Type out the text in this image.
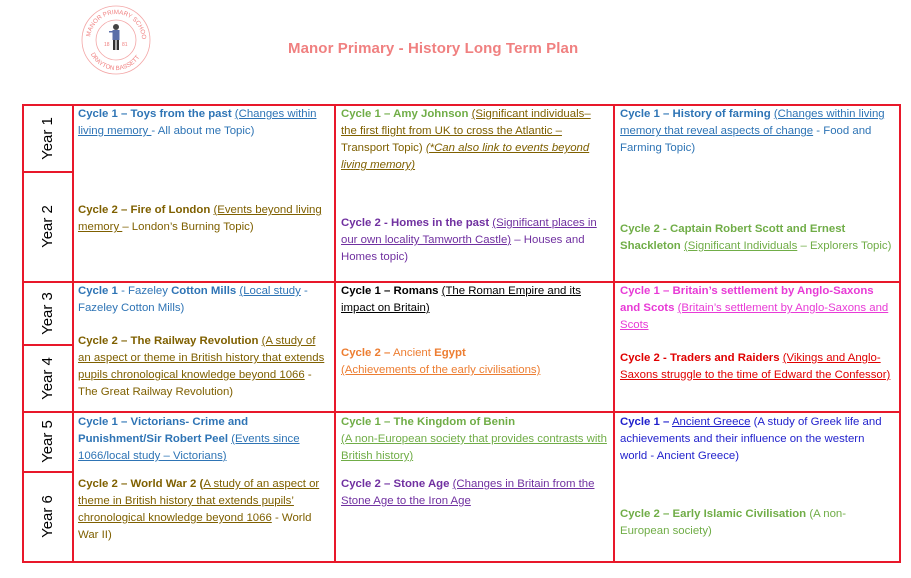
MANOR PRIMARY SCHOO
DRAYTON BASSETT
18 81	Manor Primary - History Long Term Plan
Year 1
Year 2
Year 3
Year 4
Year 5
Year 6
Cycle 1 – Toys from the past (Changes within living memory - All about me Topic)
Cycle 2 – Fire of London (Events beyond living memory – London’s Burning Topic)
Cycle 1 – Amy Johnson (Significant individuals– the first flight from UK to cross the Atlantic – Transport Topic) (*Can also link to events beyond living memory)
Cycle 2 - Homes in the past (Significant places in our own locality Tamworth Castle) – Houses and Homes topic)
Cycle 1 – History of farming (Changes within living memory that reveal aspects of change - Food and Farming Topic)
Cycle 2 - Captain Robert Scott and Ernest Shackleton (Significant Individuals – Explorers Topic)
Cycle 1 - Fazeley Cotton Mills (Local study - Fazeley Cotton Mills)
Cycle 2 – The Railway Revolution (A study of an aspect or theme in British history that extends pupils chronological knowledge beyond 1066 - The Great Railway Revolution)
Cycle 1 – Romans (The Roman Empire and its impact on Britain)
Cycle 2 – Ancient Egypt
(Achievements of the early civilisations)
Cycle 1 – Britain’s settlement by Anglo-Saxons and Scots (Britain’s settlement by Anglo-Saxons and Scots
Cycle 2 - Traders and Raiders (Vikings and Anglo-Saxons struggle to the time of Edward the Confessor)
Cycle 1 – Victorians- Crime and Punishment/Sir Robert Peel (Events since 1066/local study – Victorians)
Cycle 2 – World War 2 (A study of an aspect or theme in British history that extends pupils’ chronological knowledge beyond 1066 - World War II)
Cycle 1 – The Kingdom of Benin
(A non-European society that provides contrasts with British history)
Cycle 2 – Stone Age (Changes in Britain from the Stone Age to the Iron Age
Cycle 1 – Ancient Greece (A study of Greek life and achievements and their influence on the western world - Ancient Greece)
Cycle 2 – Early Islamic Civilisation (A non-European society)
